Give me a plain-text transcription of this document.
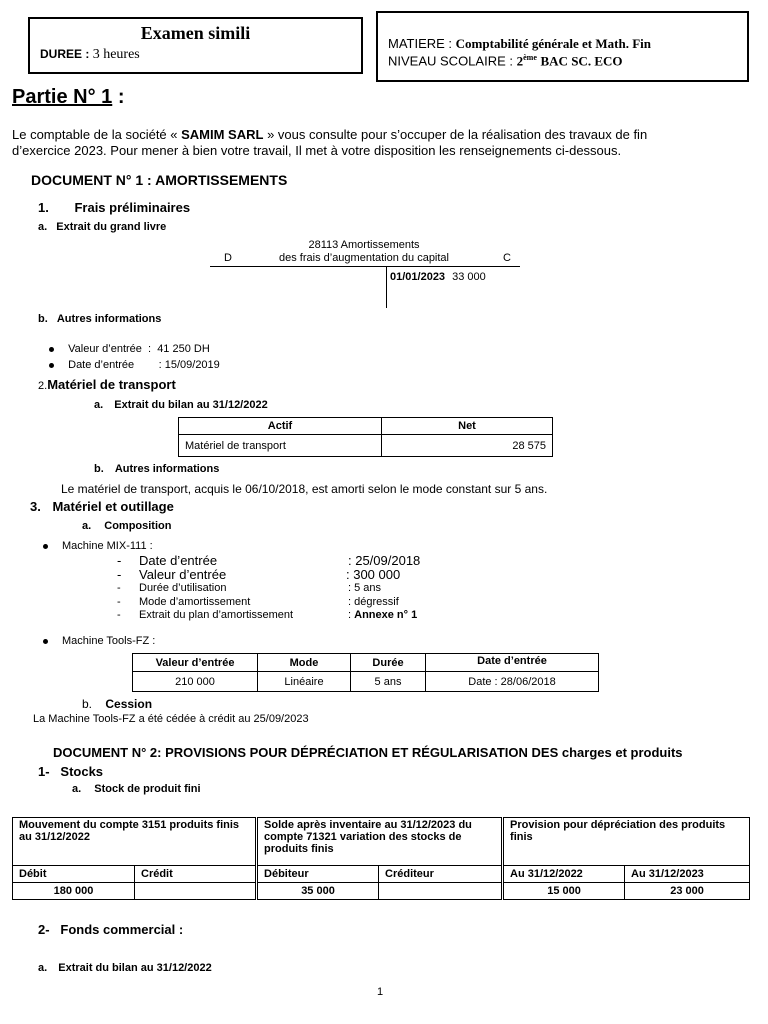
Examen simili
DUREE : 3 heures
MATIERE : Comptabilité générale et Math. Fin
NIVEAU SCOLAIRE : 2ème BAC SC. ECO
Partie N° 1 :
Le comptable de la société « SAMIM SARL » vous consulte pour s’occuper de la réalisation des travaux de fin
d’exercice 2023. Pour mener à bien votre travail, Il met à votre disposition les renseignements ci-dessous.
DOCUMENT N° 1 : AMORTISSEMENTS
1. Frais préliminaires
a. Extrait du grand livre
28113 Amortissements
des frais d’augmentation du capital
D	C
01/01/2023 33 000
b. Autres informations

Valeur d’entrée  :  41 250 DH

Date d’entrée        : 15/09/2019

2.Matériel de transport
a. Extrait du bilan au 31/12/2022
Actif	Net
Matériel de transport	28 575
b. Autres informations
Le matériel de transport, acquis le 06/10/2018, est amorti selon le mode constant sur 5 ans.
3. Matériel et outillage
a. Composition
Machine MIX-111 :
- Date d’entrée	: 25/09/2018
- Valeur d’entrée	: 300 000
- Durée d’utilisation	: 5 ans
- Mode d’amortissement	: dégressif
- Extrait du plan d’amortissement	: Annexe n° 1
Machine Tools-FZ :
Valeur d’entrée	Mode	Durée	Date d’entrée
210 000	Linéaire	5 ans	Date : 28/06/2018
b. Cession
La Machine Tools-FZ a été cédée à crédit au 25/09/2023
DOCUMENT N° 2: PROVISIONS POUR DÉPRÉCIATION ET RÉGULARISATION DES charges et produits
1-   Stocks
a. Stock de produit fini
Mouvement du compte 3151 produits finis au 31/12/2022		Solde après inventaire au 31/12/2023 du compte 71321 variation des stocks de produits finis		Provision pour dépréciation des produits finis	
Débit	Crédit	Débiteur	Créditeur	Au 31/12/2022	Au 31/12/2023
180 000		35 000		15 000	23 000
2-   Fonds commercial :
a. Extrait du bilan au 31/12/2022
1
